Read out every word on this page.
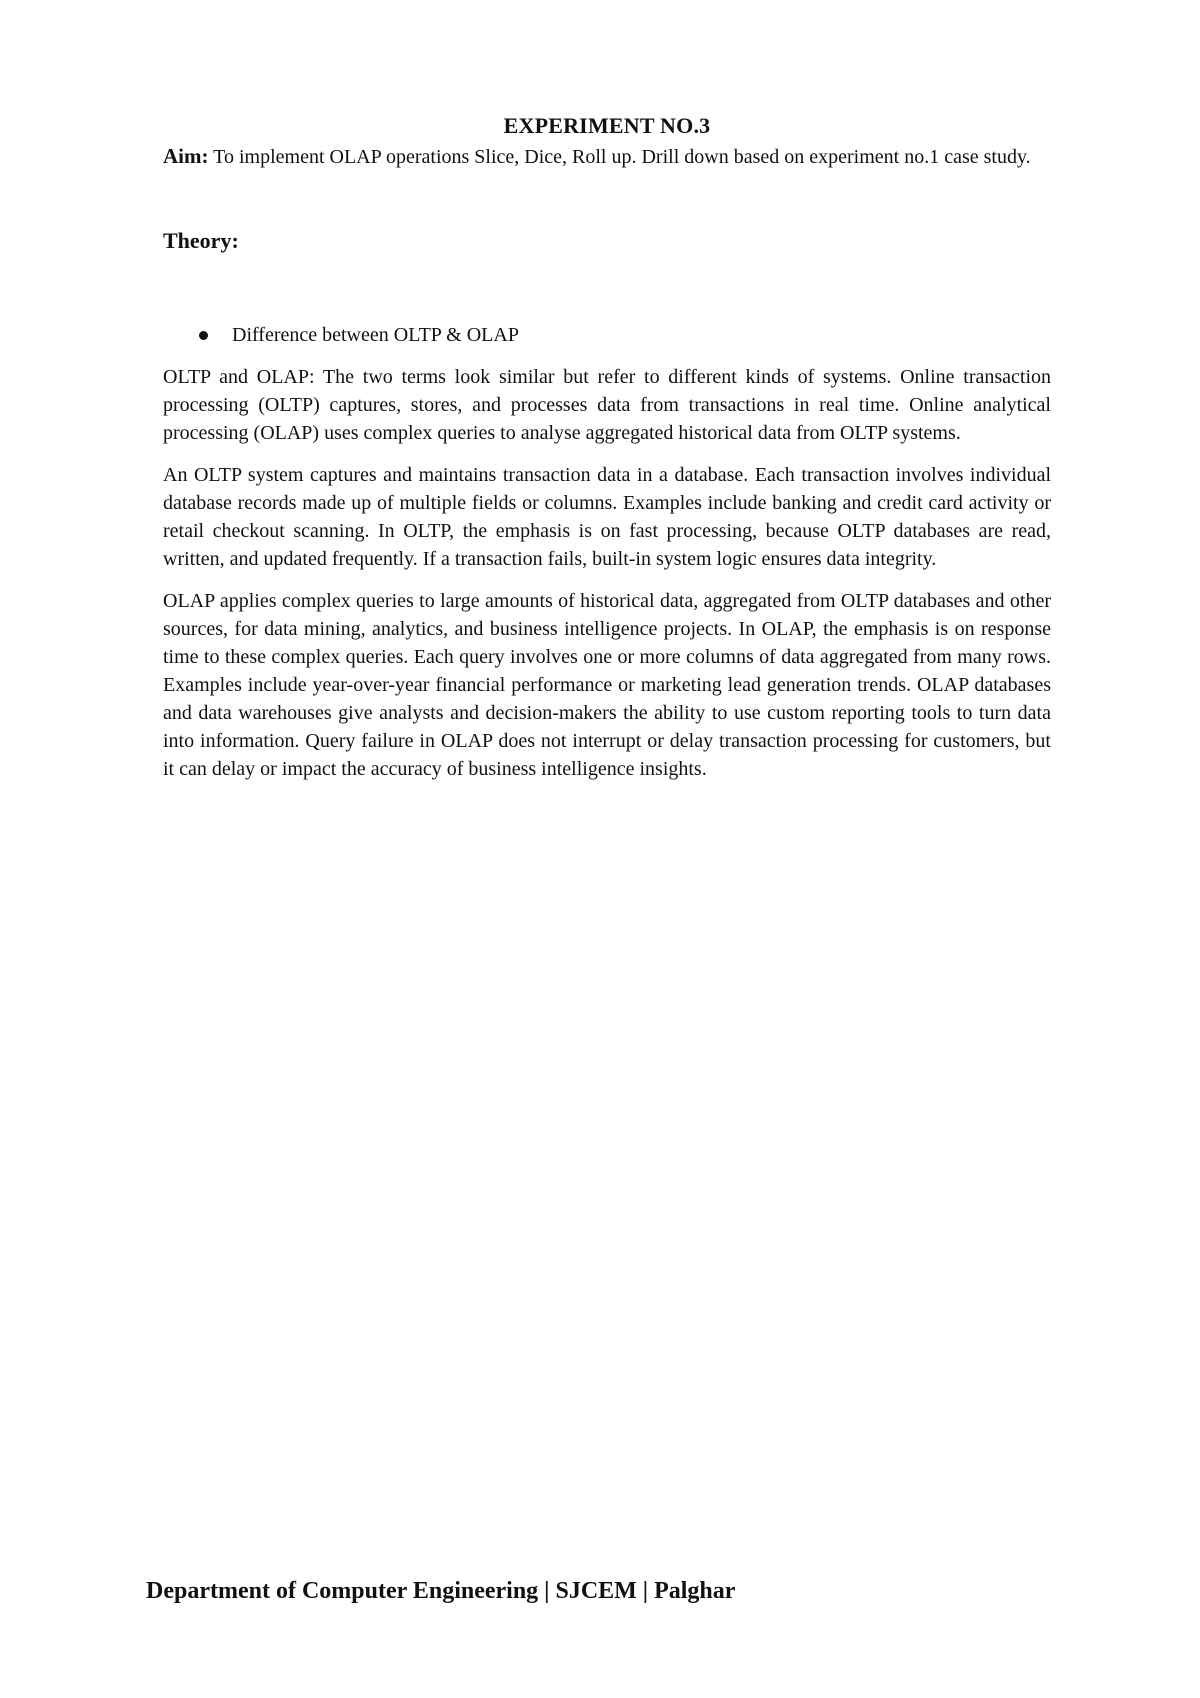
EXPERIMENT NO.3

Aim: To implement OLAP operations Slice, Dice, Roll up. Drill down based on experiment no.1 case study.

Theory:
Difference between OLTP & OLAP

OLTP and OLAP: The two terms look similar but refer to different kinds of systems. Online transaction processing (OLTP) captures, stores, and processes data from transactions in real time. Online analytical processing (OLAP) uses complex queries to analyse aggregated historical data from OLTP systems.

An OLTP system captures and maintains transaction data in a database. Each transaction involves individual database records made up of multiple fields or columns. Examples include banking and credit card activity or retail checkout scanning. In OLTP, the emphasis is on fast processing, because OLTP databases are read, written, and updated frequently. If a transaction fails, built-in system logic ensures data integrity.

OLAP applies complex queries to large amounts of historical data, aggregated from OLTP databases and other sources, for data mining, analytics, and business intelligence projects. In OLAP, the emphasis is on response time to these complex queries. Each query involves one or more columns of data aggregated from many rows. Examples include year-over-year financial performance or marketing lead generation trends. OLAP databases and data warehouses give analysts and decision-makers the ability to use custom reporting tools to turn data into information. Query failure in OLAP does not interrupt or delay transaction processing for customers, but it can delay or impact the accuracy of business intelligence insights.

Department of Computer Engineering | SJCEM | Palghar
